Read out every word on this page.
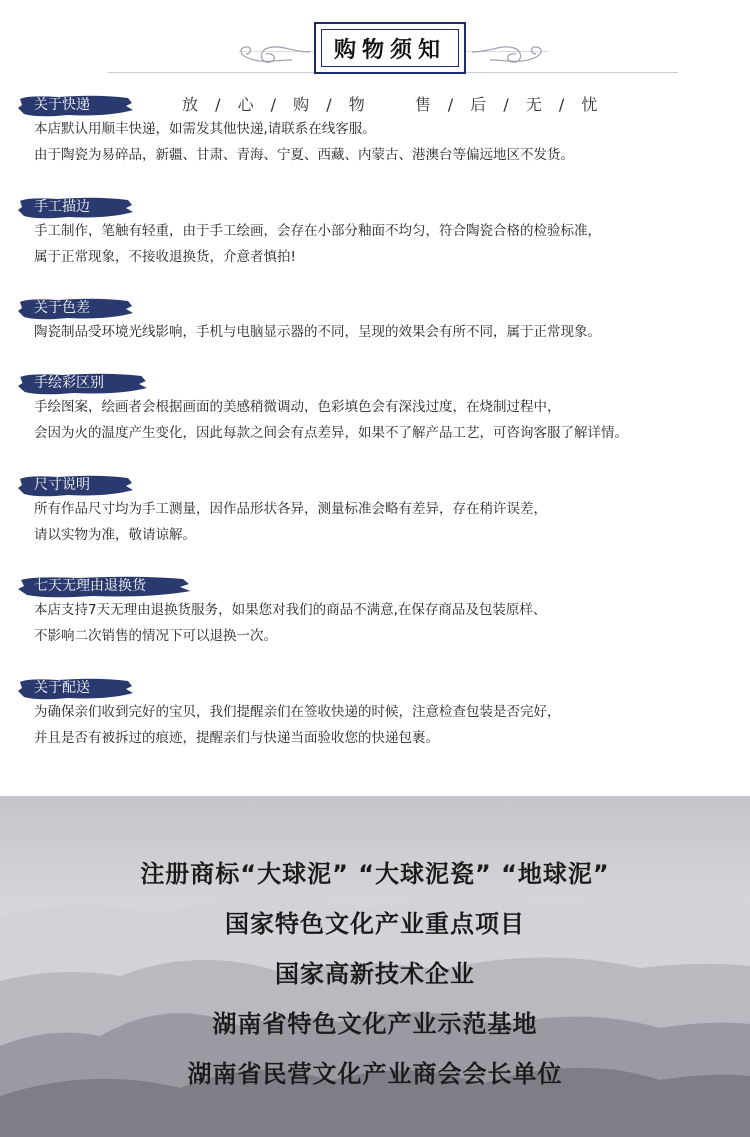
购物须知
关于快递	放 / 心 / 购 / 物　　售 / 后 / 无 / 忧
本店默认用顺丰快递，如需发其他快递,请联系在线客服。
由于陶瓷为易碎品，新疆、甘肃、青海、宁夏、西藏、内蒙古、港澳台等偏远地区不发货。
手工描边
手工制作，笔触有轻重，由于手工绘画，会存在小部分釉面不均匀，符合陶瓷合格的检验标准，
属于正常现象，不接收退换货，介意者慎拍!
关于色差
陶瓷制品受环境光线影响，手机与电脑显示器的不同，呈现的效果会有所不同，属于正常现象。
手绘彩区别
手绘图案，绘画者会根据画面的美感稍微调动，色彩填色会有深浅过度，在烧制过程中，
会因为火的温度产生变化，因此每款之间会有点差异，如果不了解产品工艺，可咨询客服了解详情。
尺寸说明
所有作品尺寸均为手工测量，因作品形状各异，测量标准会略有差异，存在稍许误差，
请以实物为准，敬请谅解。
七天无理由退换货
本店支持7天无理由退换货服务，如果您对我们的商品不满意,在保存商品及包装原样、
不影响二次销售的情况下可以退换一次。
关于配送
为确保亲们收到完好的宝贝，我们提醒亲们在签收快递的时候，注意检查包装是否完好，
并且是否有被拆过的痕迹，提醒亲们与快递当面验收您的快递包裹。
注册商标“大球泥” “大球泥瓷” “地球泥”
国家特色文化产业重点项目
国家高新技术企业
湖南省特色文化产业示范基地
湖南省民营文化产业商会会长单位
